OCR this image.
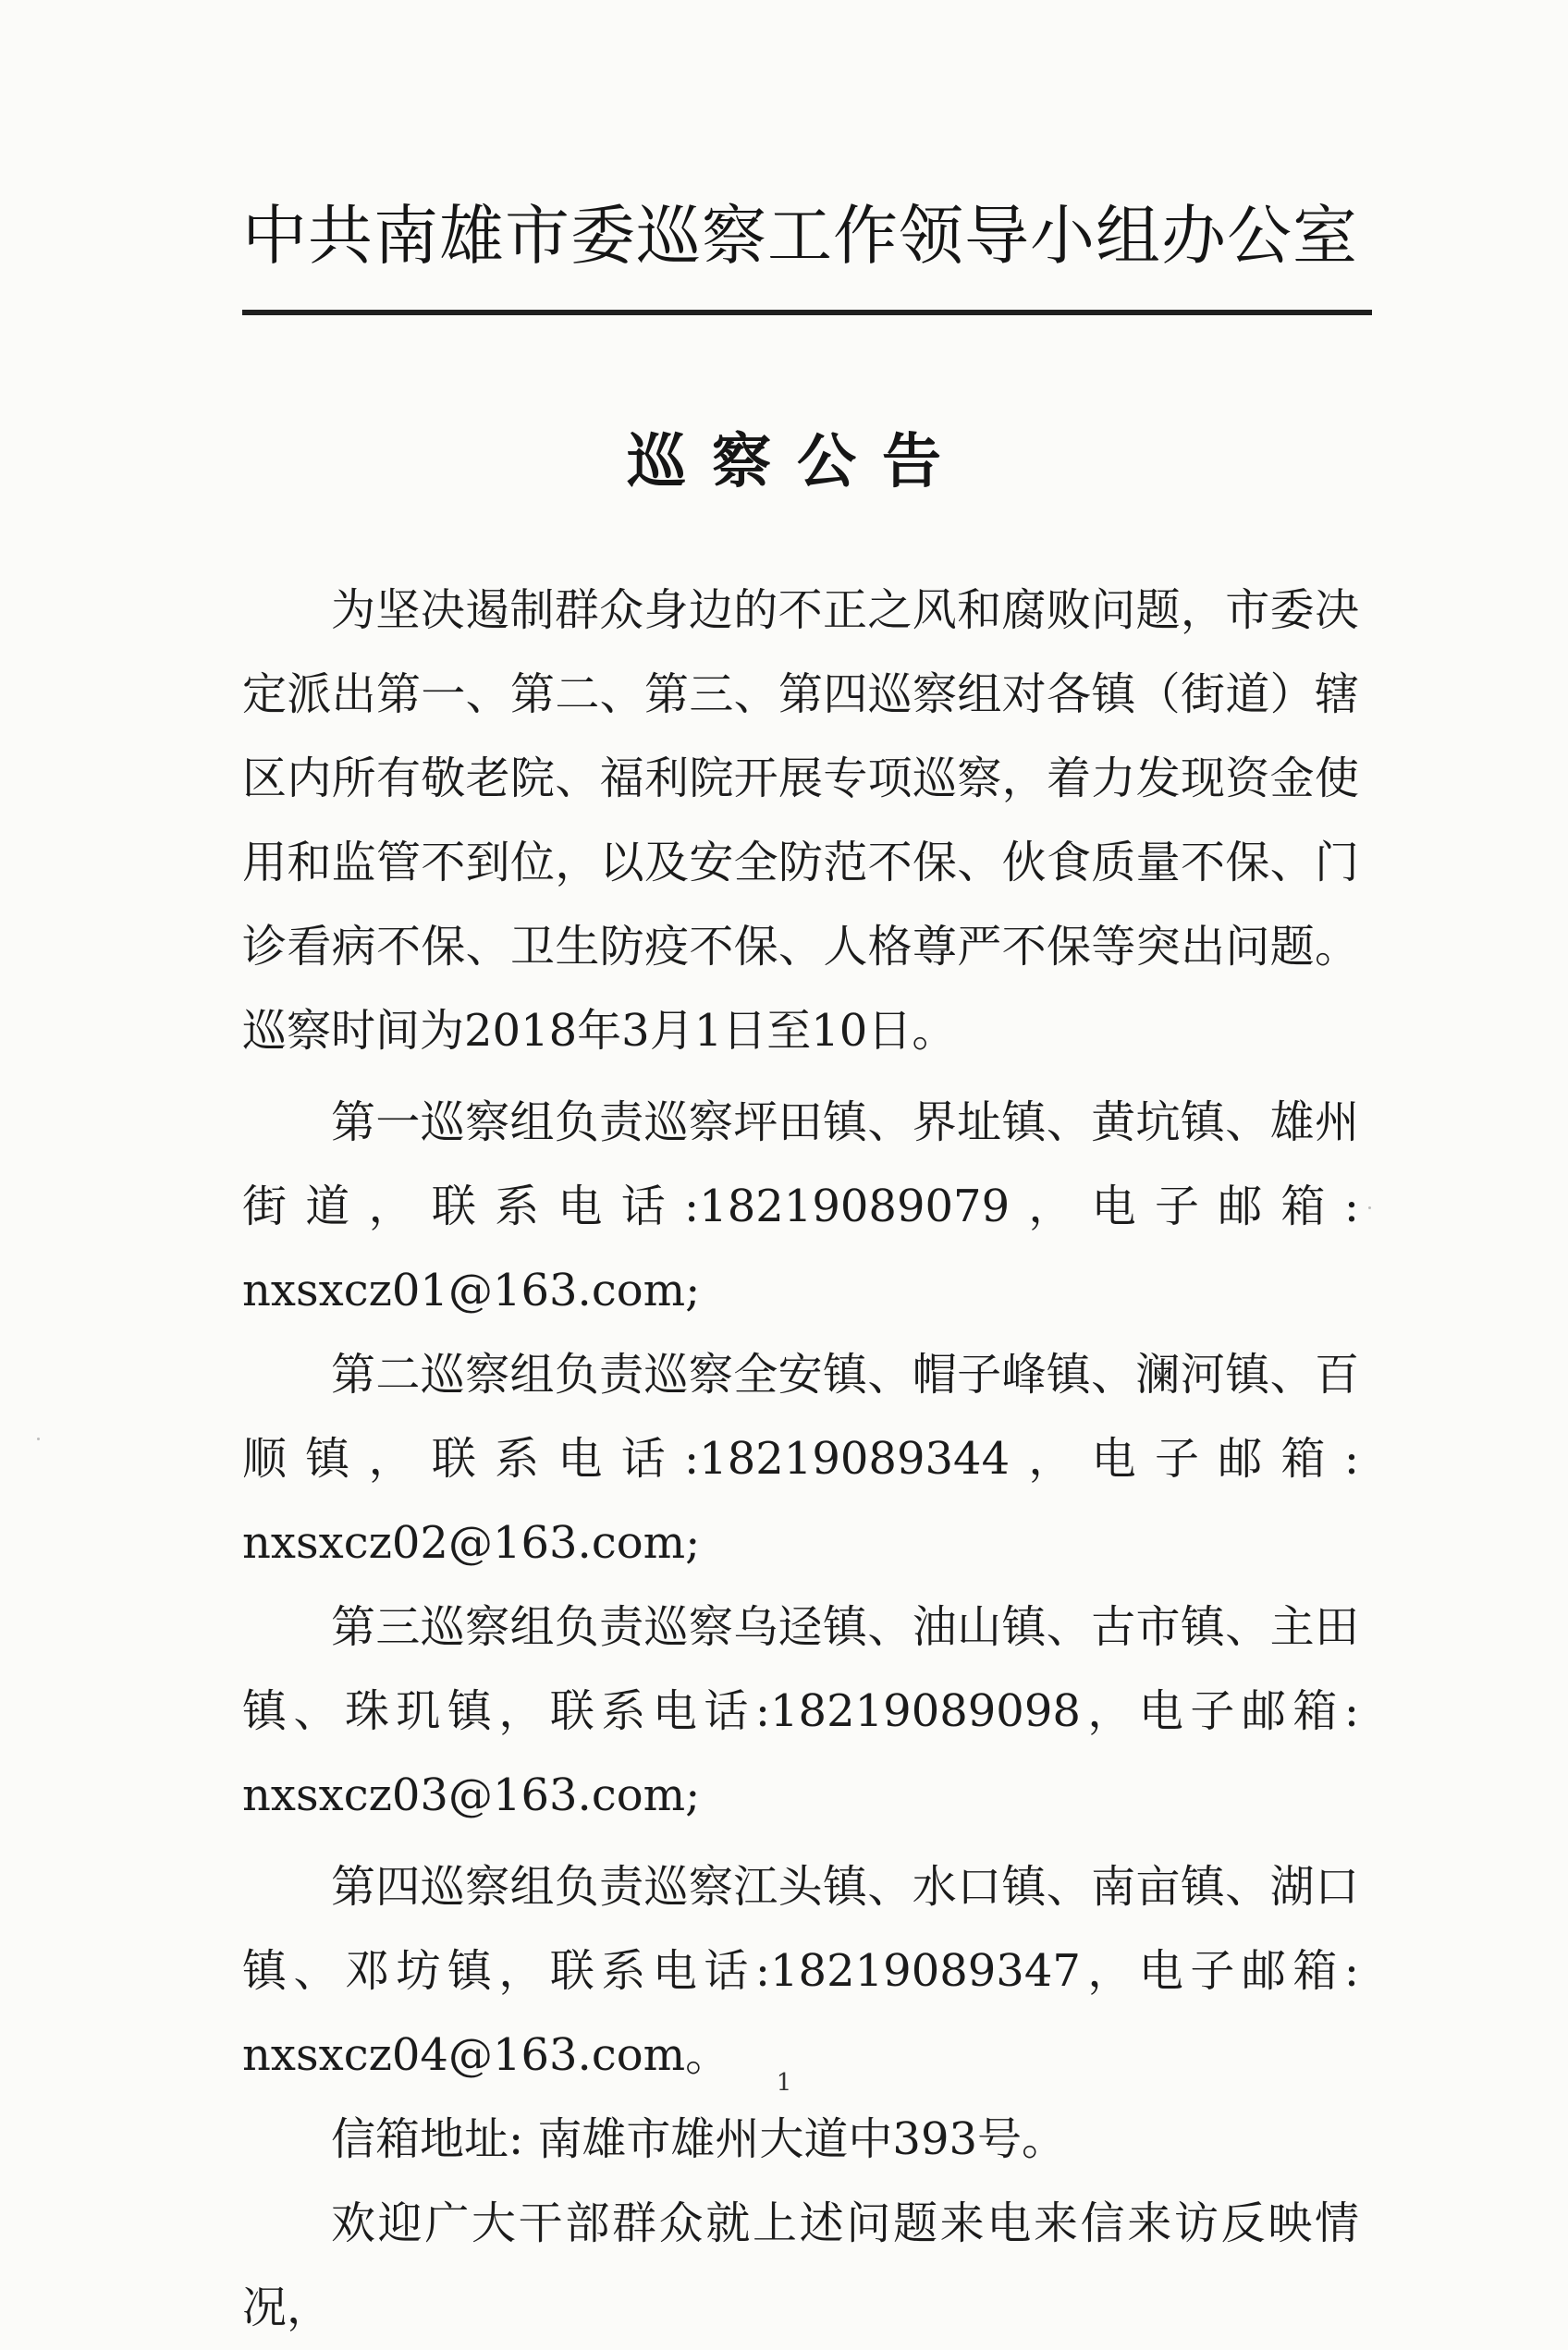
中共南雄市委巡察工作领导小组办公室
巡察公告

为坚决遏制群众身边的不正之风和腐败问题，市委决定派出第一、第二、第三、第四巡察组对各镇（街道）辖区内所有敬老院、福利院开展专项巡察，着力发现资金使用和监管不到位，以及安全防范不保、伙食质量不保、门诊看病不保、卫生防疫不保、人格尊严不保等突出问题。巡察时间为2018年3月1日至10日。

第一巡察组负责巡察坪田镇、界址镇、黄坑镇、雄州街道，联系电话:18219089079，电子邮箱: nxsxcz01@163.com;

第二巡察组负责巡察全安镇、帽子峰镇、澜河镇、百顺镇，联系电话:18219089344，电子邮箱: nxsxcz02@163.com;

第三巡察组负责巡察乌迳镇、油山镇、古市镇、主田镇、珠玑镇，联系电话:18219089098，电子邮箱: nxsxcz03@163.com;

第四巡察组负责巡察江头镇、水口镇、南亩镇、湖口镇、邓坊镇，联系电话:18219089347，电子邮箱: nxsxcz04@163.com。

信箱地址: 南雄市雄州大道中393号。

欢迎广大干部群众就上述问题来电来信来访反映情况，

1
